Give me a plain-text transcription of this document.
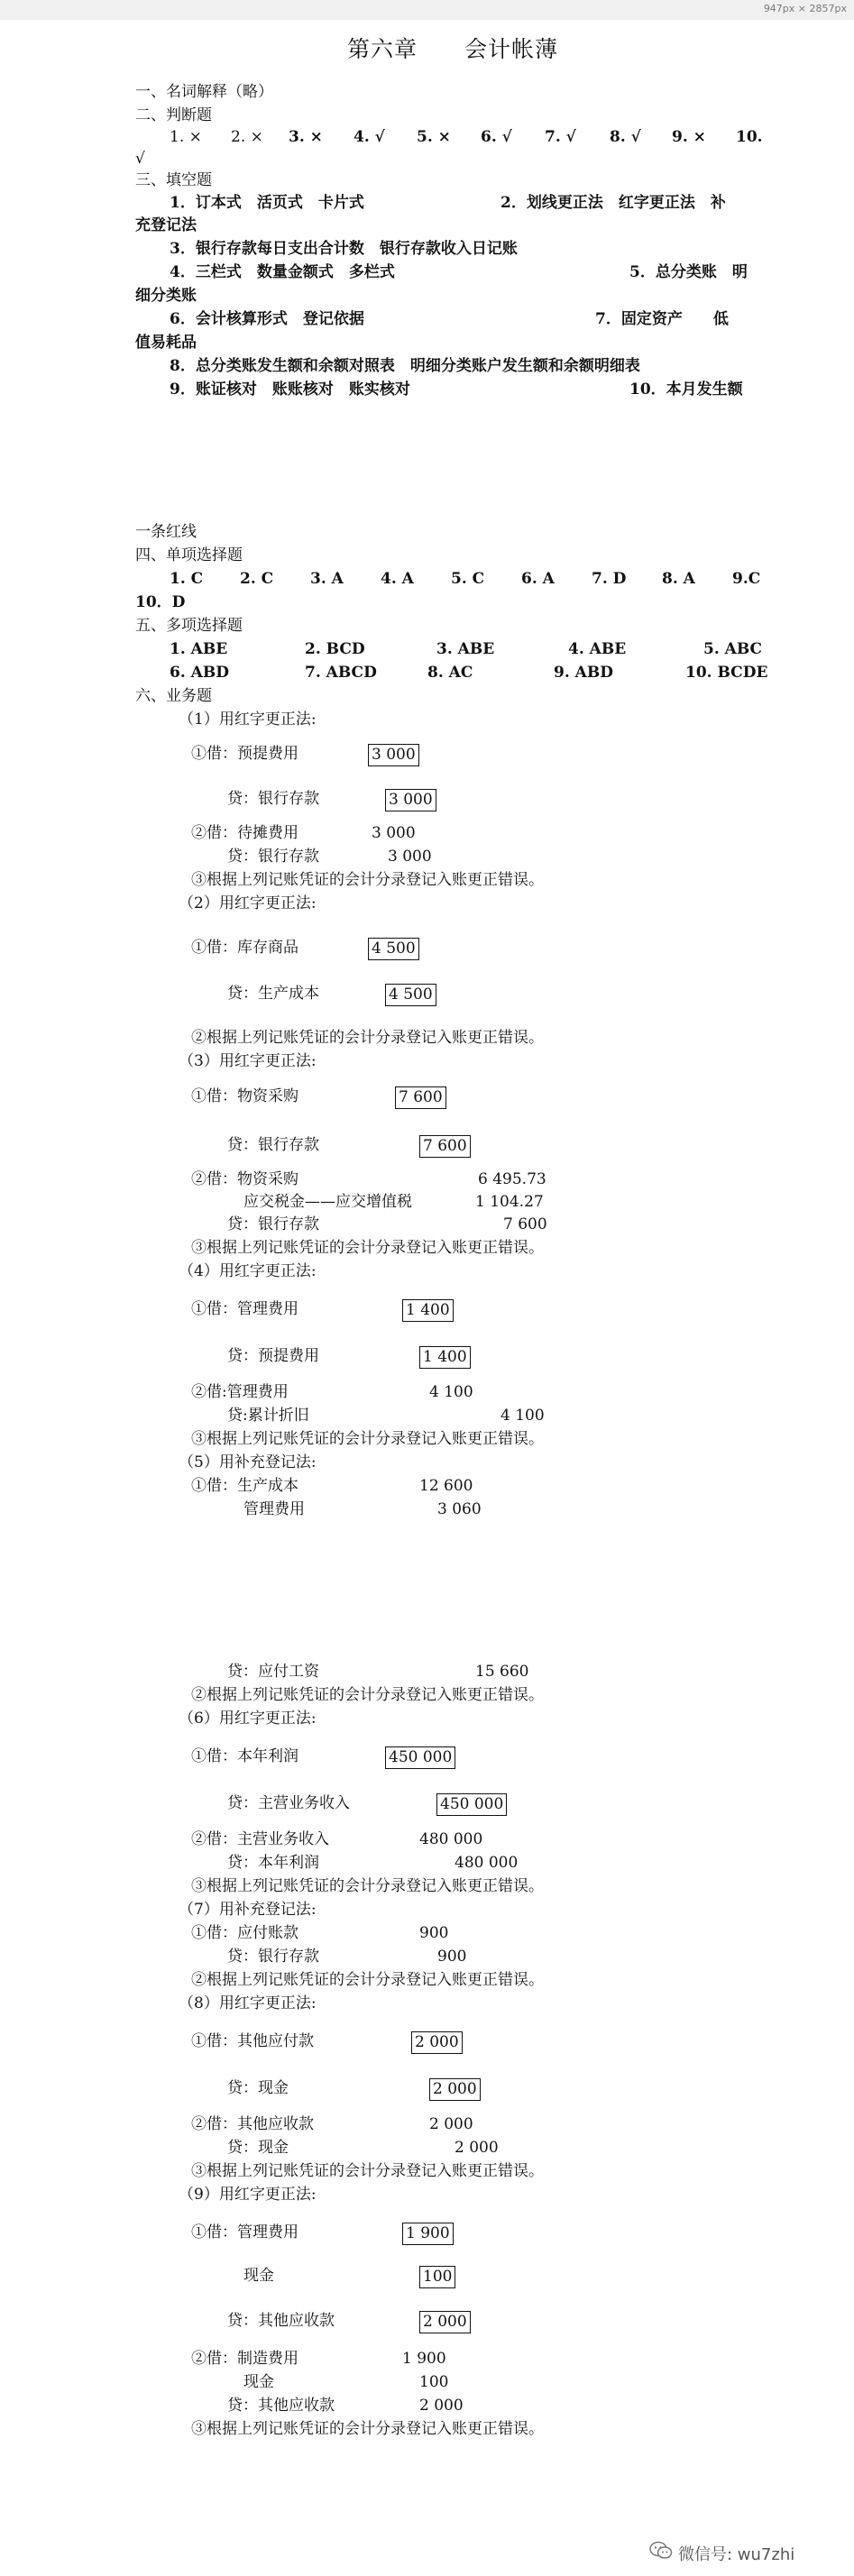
947px × 2857px
第六章　　会计帐薄
一、名词解释（略）
二、判断题
1. × 2. × 3. × 4. √ 5. × 6. √ 7. √ 8. √ 9. × 10.
√
三、填空题
1．订本式　活页式　卡片式	2．划线更正法　红字更正法　补
充登记法
3．银行存款每日支出合计数　银行存款收入日记账
4．三栏式　数量金额式　多栏式	5．总分类账　明
细分类账
6．会计核算形式　登记依据	7．固定资产　　低
值易耗品
8．总分类账发生额和余额对照表　明细分类账户发生额和余额明细表
9．账证核对　账账核对　账实核对	10．本月发生额
一条红线
四、单项选择题
1. C 2. C 3. A 4. A 5. C 6. A 7. D 8. A 9.C
10．D
五、多项选择题
1. ABE	2. BCD	3. ABE	4. ABE	5. ABC
6. ABD	7. ABCD	8. AC	9. ABD	10. BCDE
六、业务题
（1）用红字更正法:
①借：预提费用	3 000
贷：银行存款	3 000
②借：待摊费用	3 000
贷：银行存款	3 000
③根据上列记账凭证的会计分录登记入账更正错误。
（2）用红字更正法:
①借：库存商品	4 500
贷：生产成本	4 500
②根据上列记账凭证的会计分录登记入账更正错误。
（3）用红字更正法:
①借：物资采购	7 600
贷：银行存款	7 600
②借：物资采购	6 495.73
应交税金——应交增值税	1 104.27
贷：银行存款	7 600
③根据上列记账凭证的会计分录登记入账更正错误。
（4）用红字更正法:
①借：管理费用	1 400
贷：预提费用	1 400
②借:管理费用	4 100
贷:累计折旧	4 100
③根据上列记账凭证的会计分录登记入账更正错误。
（5）用补充登记法:
①借：生产成本	12 600
管理费用	3 060
贷：应付工资	15 660
②根据上列记账凭证的会计分录登记入账更正错误。
（6）用红字更正法:
①借：本年利润	450 000
贷：主营业务收入	450 000
②借：主营业务收入	480 000
贷：本年利润	480 000
③根据上列记账凭证的会计分录登记入账更正错误。
（7）用补充登记法:
①借：应付账款	900
贷：银行存款	900
②根据上列记账凭证的会计分录登记入账更正错误。
（8）用红字更正法:
①借：其他应付款	2 000
贷：现金	2 000
②借：其他应收款	2 000
贷：现金	2 000
③根据上列记账凭证的会计分录登记入账更正错误。
（9）用红字更正法:
①借：管理费用	1 900
现金	100
贷：其他应收款	2 000
②借：制造费用	1 900
现金	100
贷：其他应收款	2 000
③根据上列记账凭证的会计分录登记入账更正错误。
微信号: wu7zhi
